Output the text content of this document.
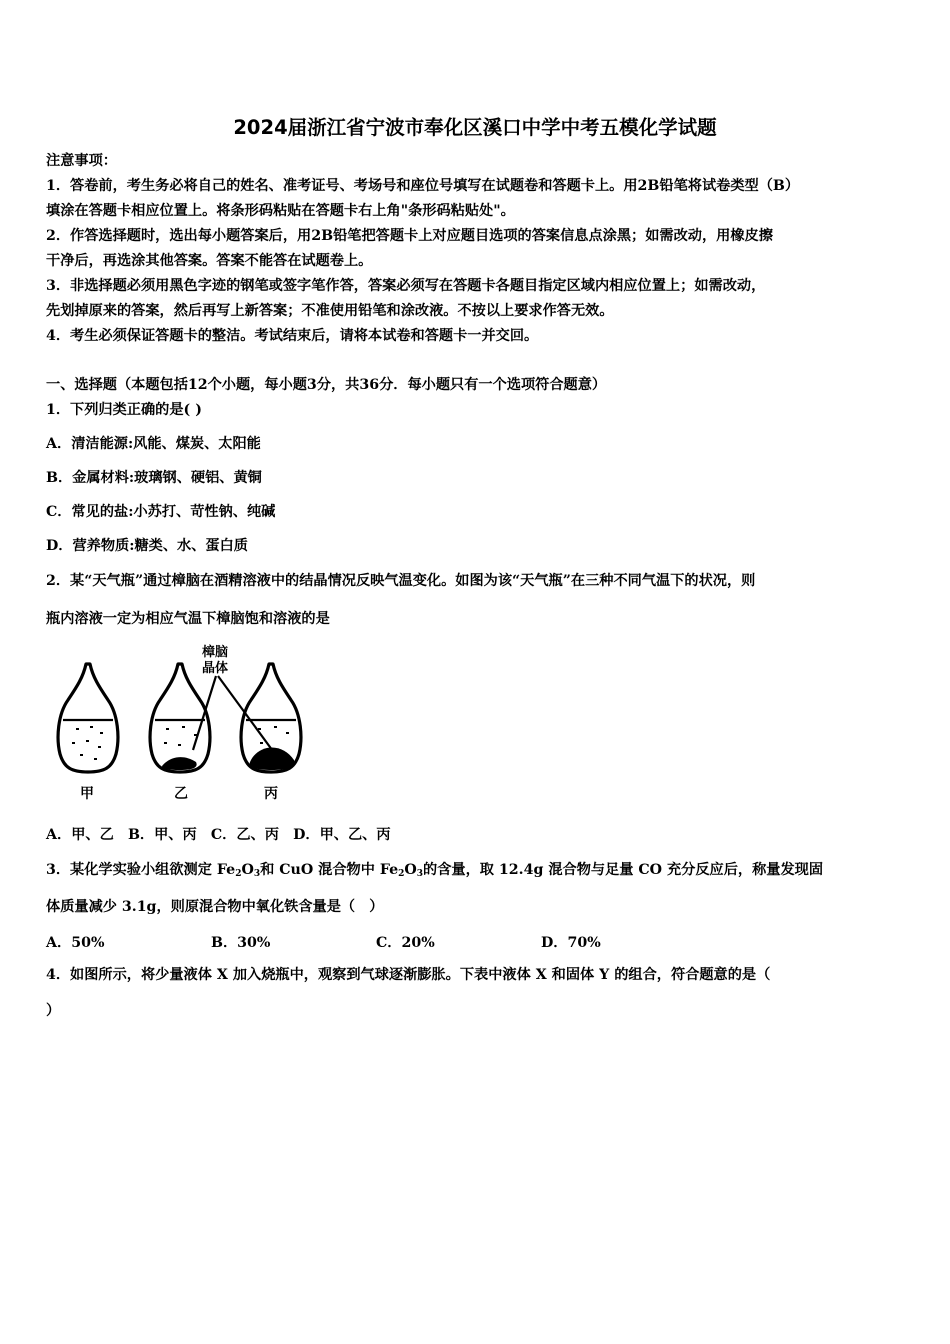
2024届浙江省宁波市奉化区溪口中学中考五模化学试题
注意事项：
1．答卷前，考生务必将自己的姓名、准考证号、考场号和座位号填写在试题卷和答题卡上。用2B铅笔将试卷类型（B）
填涂在答题卡相应位置上。将条形码粘贴在答题卡右上角"条形码粘贴处"。
2．作答选择题时，选出每小题答案后，用2B铅笔把答题卡上对应题目选项的答案信息点涂黑；如需改动，用橡皮擦
干净后，再选涂其他答案。答案不能答在试题卷上。
3．非选择题必须用黑色字迹的钢笔或签字笔作答，答案必须写在答题卡各题目指定区域内相应位置上；如需改动，
先划掉原来的答案，然后再写上新答案；不准使用铅笔和涂改液。不按以上要求作答无效。
4．考生必须保证答题卡的整洁。考试结束后，请将本试卷和答题卡一并交回。
一、选择题（本题包括12个小题，每小题3分，共36分．每小题只有一个选项符合题意）
1．下列归类正确的是( )
A．清洁能源:风能、煤炭、太阳能
B．金属材料:玻璃钢、硬铝、黄铜
C．常见的盐:小苏打、苛性钠、纯碱
D．营养物质:糖类、水、蛋白质
2．某“天气瓶”通过樟脑在酒精溶液中的结晶情况反映气温变化。如图为该“天气瓶”在三种不同气温下的状况，则
瓶内溶液一定为相应气温下樟脑饱和溶液的是
樟脑
晶体
甲	乙	丙
A．甲、乙　B．甲、丙　C．乙、丙　D．甲、乙、丙
3．某化学实验小组欲测定 $Fe_2O_3$和 CuO 混合物中 $Fe_2O_3$的含量，取 12.4g 混合物与足量 CO 充分反应后，称量发现固
体质量减少 3.1g，则原混合物中氧化铁含量是（　）
A．50%	B．30%	C．20%	D．70%
4．如图所示，将少量液体 X 加入烧瓶中，观察到气球逐渐膨胀。下表中液体 X 和固体 Y 的组合，符合题意的是（
）
